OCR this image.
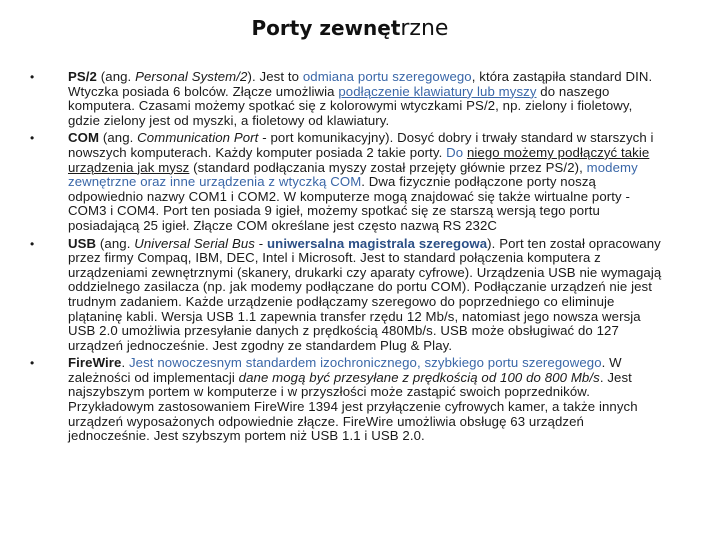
Porty zewnętrzne
•	PS/2 (ang. Personal System/2). Jest to odmiana portu szeregowego, która zastąpiła standard DIN. Wtyczka posiada 6 bolców. Złącze umożliwia podłączenie klawiatury lub myszy do naszego komputera. Czasami możemy spotkać się z kolorowymi wtyczkami PS/2, np. zielony i fioletowy, gdzie zielony jest od myszki, a fioletowy od klawiatury.
•	COM (ang. Communication Port - port komunikacyjny). Dosyć dobry i trwały standard w starszych i nowszych komputerach. Każdy komputer posiada 2 takie porty. Do niego możemy podłączyć takie urządzenia jak mysz (standard podłączania myszy został przejęty głównie przez PS/2), modemy zewnętrzne oraz inne urządzenia z wtyczką COM. Dwa fizycznie podłączone porty noszą odpowiednio nazwy COM1 i COM2. W komputerze mogą znajdować się także wirtualne porty - COM3 i COM4. Port ten posiada 9 igieł, możemy spotkać się ze starszą wersją tego portu posiadającą 25 igieł. Złącze COM określane jest często nazwą RS 232C
•	USB (ang. Universal Serial Bus - uniwersalna magistrala szeregowa). Port ten został opracowany przez firmy Compaq, IBM, DEC, Intel i Microsoft. Jest to standard połączenia komputera z urządzeniami zewnętrznymi (skanery, drukarki czy aparaty cyfrowe). Urządzenia USB nie wymagają oddzielnego zasilacza (np. jak modemy podłączane do portu COM). Podłączanie urządzeń nie jest trudnym zadaniem. Każde urządzenie podłączamy szeregowo do poprzedniego co eliminuje plątaninę kabli. Wersja USB 1.1 zapewnia transfer rzędu 12 Mb/s, natomiast jego nowsza wersja USB 2.0 umożliwia przesyłanie danych z prędkością 480Mb/s. USB może obsługiwać do 127 urządzeń jednocześnie. Jest zgodny ze standardem Plug & Play.
•	FireWire. Jest nowoczesnym standardem izochronicznego, szybkiego portu szeregowego. W zależności od implementacji dane mogą być przesyłane z prędkością od 100 do 800 Mb/s. Jest najszybszym portem w komputerze i w przyszłości może zastąpić swoich poprzedników. Przykładowym zastosowaniem FireWire 1394 jest przyłączenie cyfrowych kamer, a także innych urządzeń wyposażonych odpowiednie złącze. FireWire umożliwia obsługę 63 urządzeń jednocześnie. Jest szybszym portem niż USB 1.1 i USB 2.0.
